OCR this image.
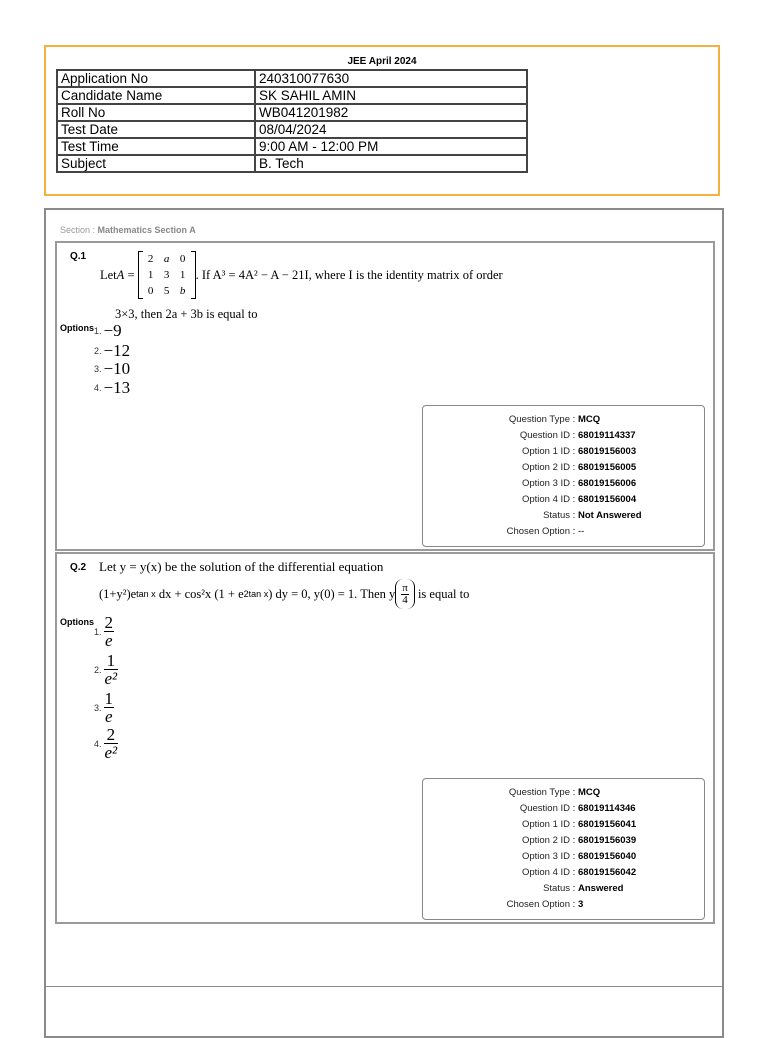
JEE April 2024
Application No	240310077630
Candidate Name	SK SAHIL AMIN
Roll No	WB041201982
Test Date	08/04/2024
Test Time	9:00 AM - 12:00 PM
Subject	B. Tech
Section : Mathematics Section A
Q.1
Let A =
2 a 0
1 3 1
0 5 b
. If A³ = 4A² − A − 21I, where I is the identity matrix of order
3×3, then 2a + 3b is equal to
Options 1. −9
2. −12
3. −10
4. −13
Question Type : MCQ
Question ID : 68019114337
Option 1 ID : 68019156003
Option 2 ID : 68019156005
Option 3 ID : 68019156006
Option 4 ID : 68019156004
Status : Not Answered
Chosen Option : --
Q.2 Let y = y(x) be the solution of the differential equation
(1+y²)e tan x dx + cos²x (1 + e 2tan x ) dy = 0, y(0) = 1. Then y $\frac{\pi}{4}$ is equal to
Options
1. $\frac{2}{e}$
2. $\frac{1}{\text{e²}}$
3. $\frac{1}{e}$
4. $\frac{2}{\text{e²}}$
Question Type : MCQ
Question ID : 68019114346
Option 1 ID : 68019156041
Option 2 ID : 68019156039
Option 3 ID : 68019156040
Option 4 ID : 68019156042
Status : Answered
Chosen Option : 3
